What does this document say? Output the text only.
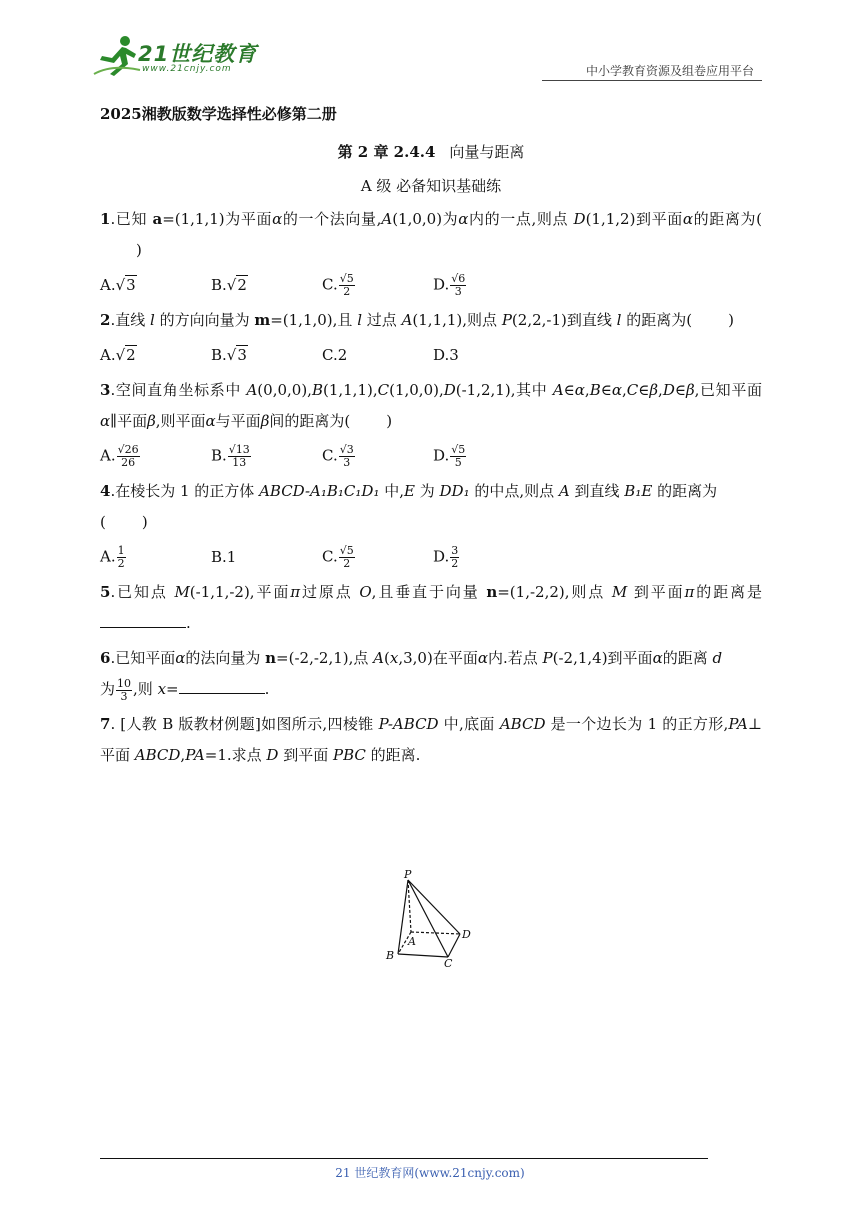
21世纪教育
www.21cnjy.com	中小学教育资源及组卷应用平台
2025湘教版数学选择性必修第二册
第 2 章 2.4.4 向量与距离
A 级 必备知识基础练

1.已知 a=(1,1,1)为平面α的一个法向量,A(1,0,0)为α内的一点,则点 D(1,1,2)到平面α的距离为()

A.√3	B.√2	C. $\frac{√5}{2}$	D. $\frac{√6}{3}$

2.直线 l 的方向向量为 m=(1,1,0),且 l 过点 A(1,1,1),则点 P(2,2,-1)到直线 l 的距离为( )

A.√2	B.√3	C.2	D.3

3.空间直角坐标系中 A(0,0,0),B(1,1,1),C(1,0,0),D(-1,2,1),其中 A∈α,B∈α,C∈β,D∈β,已知平面α∥平面β,则平面α与平面β间的距离为( )

A. $\frac{√26}{26}$	B. $\frac{√13}{13}$	C. $\frac{√3}{3}$	D. $\frac{√5}{5}$

4.在棱长为 1 的正方体 ABCD-A₁B₁C₁D₁ 中,E 为 DD₁ 的中点,则点 A 到直线 B₁E 的距离为
( )

A. $\frac{1}{2}$	B.1	C. $\frac{√5}{2}$	D. $\frac{3}{2}$

5.已知点 M(-1,1,-2),平面π过原点 O,且垂直于向量 n=(1,-2,2),则点 M 到平面π的距离是.

6.已知平面α的法向量为 n=(-2,-2,1),点 A(x,3,0)在平面α内.若点 P(-2,1,4)到平面α的距离 d
为 $\frac{10}{3}$ ,则 x=	.

7. [人教 B 版教材例题]如图所示,四棱锥 P-ABCD 中,底面 ABCD 是一个边长为 1 的正方形,PA⊥平面 ABCD,PA=1.求点 D 到平面 PBC 的距离.

P
A
B
C
D
21 世纪教育网(www.21cnjy.com)
